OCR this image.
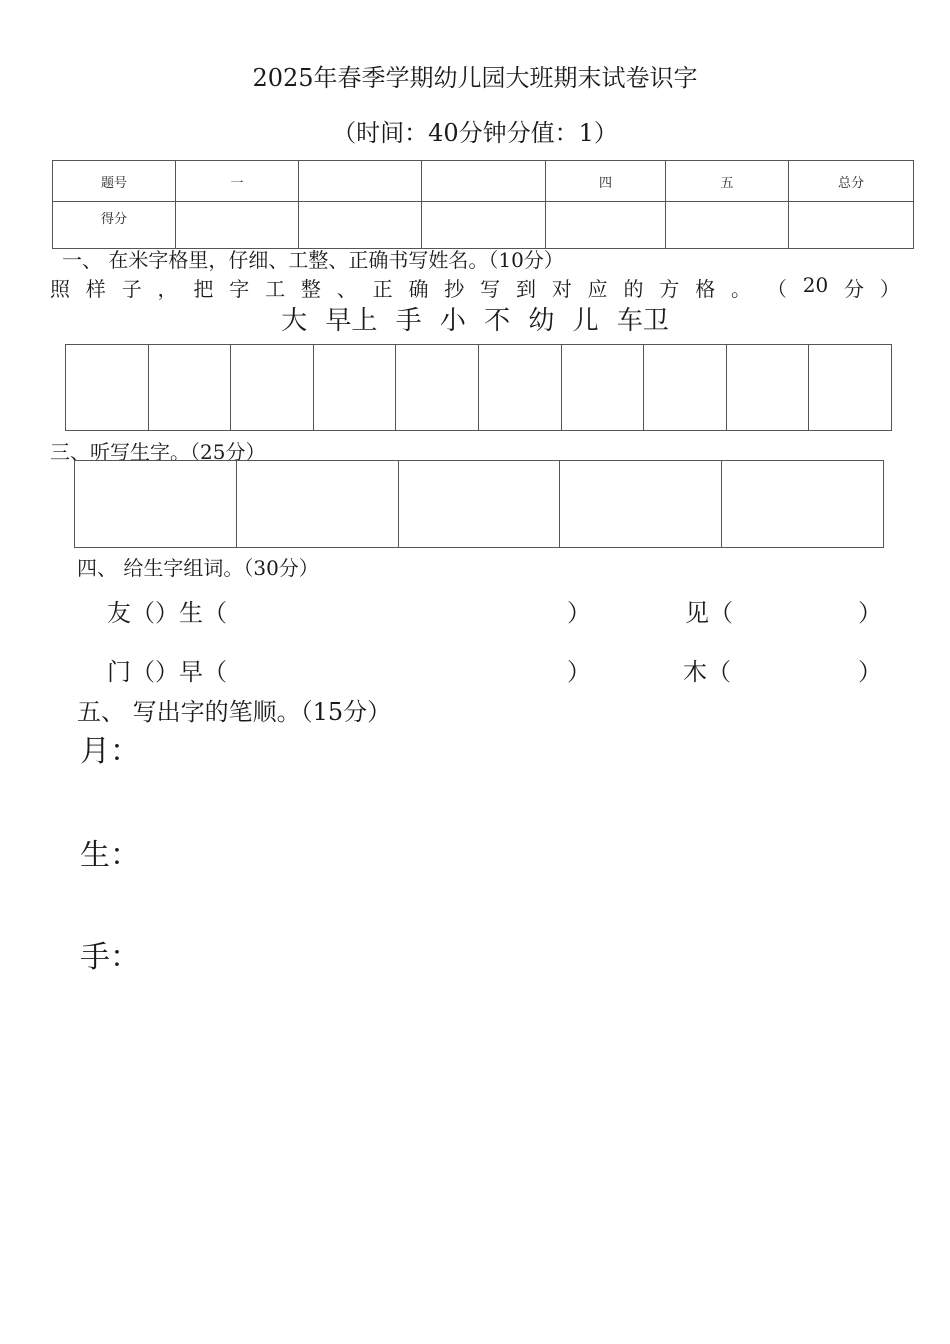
2025年春季学期幼儿园大班期末试卷识字
（时间：40分钟分值：1）
题号	一			四	五	总分
得分						
一、 在米字格里，仔细、工整、正确书写姓名。（10分）
照 样 子 ， 把 字 工 整 、 正 确 抄 写 到 对 应 的 方 格 。 （ 20 分 ）
大 早上 手 小 不 幼 儿 车卫
三、听写生字。（25分）
四、 给生字组词。（30分）
友（）生（	）	见（	）
门（）早（	）	木（	）
五、 写出字的笔顺。（15分）
月：
生：
手：
